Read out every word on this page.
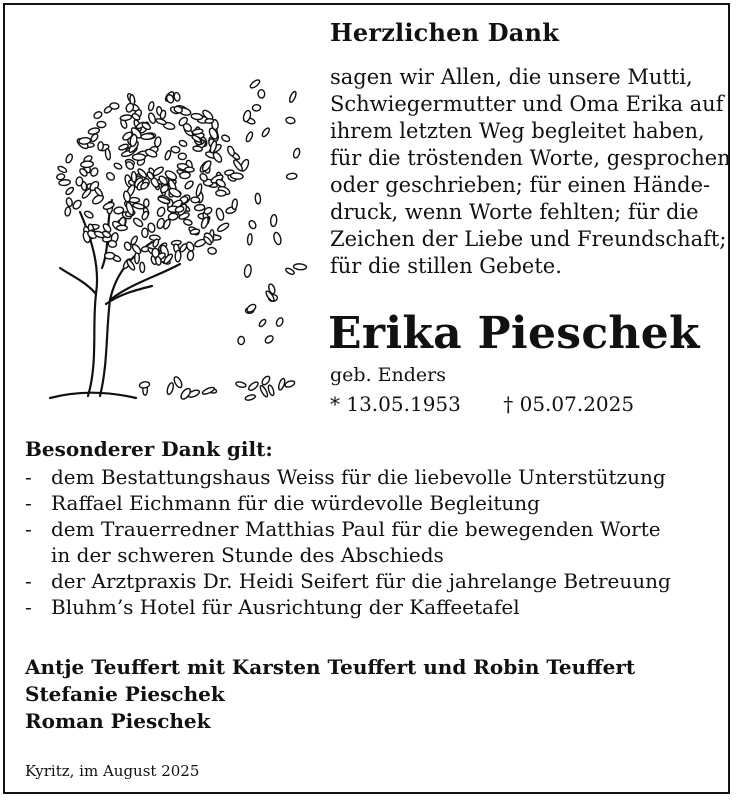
Herzlichen Dank
sagen wir Allen, die unsere Mutti,
Schwiegermutter und Oma Erika auf
ihrem letzten Weg begleitet haben,
für die tröstenden Worte, gesprochen
oder geschrieben; für einen Hände-
druck, wenn Worte fehlten; für die
Zeichen der Liebe und Freundschaft;
für die stillen Gebete.
Erika Pieschek
geb. Enders
* 13.05.1953 † 05.07.2025
Besonderer Dank gilt:
- dem Bestattungshaus Weiss für die liebevolle Unterstützung
- Raffael Eichmann für die würdevolle Begleitung
- dem Trauerredner Matthias Paul für die bewegenden Worte
in der schweren Stunde des Abschieds
- der Arztpraxis Dr. Heidi Seifert für die jahrelange Betreuung
- Bluhm’s Hotel für Ausrichtung der Kaffeetafel
Antje Teuffert mit Karsten Teuffert und Robin Teuffert
Stefanie Pieschek
Roman Pieschek
Kyritz, im August 2025
